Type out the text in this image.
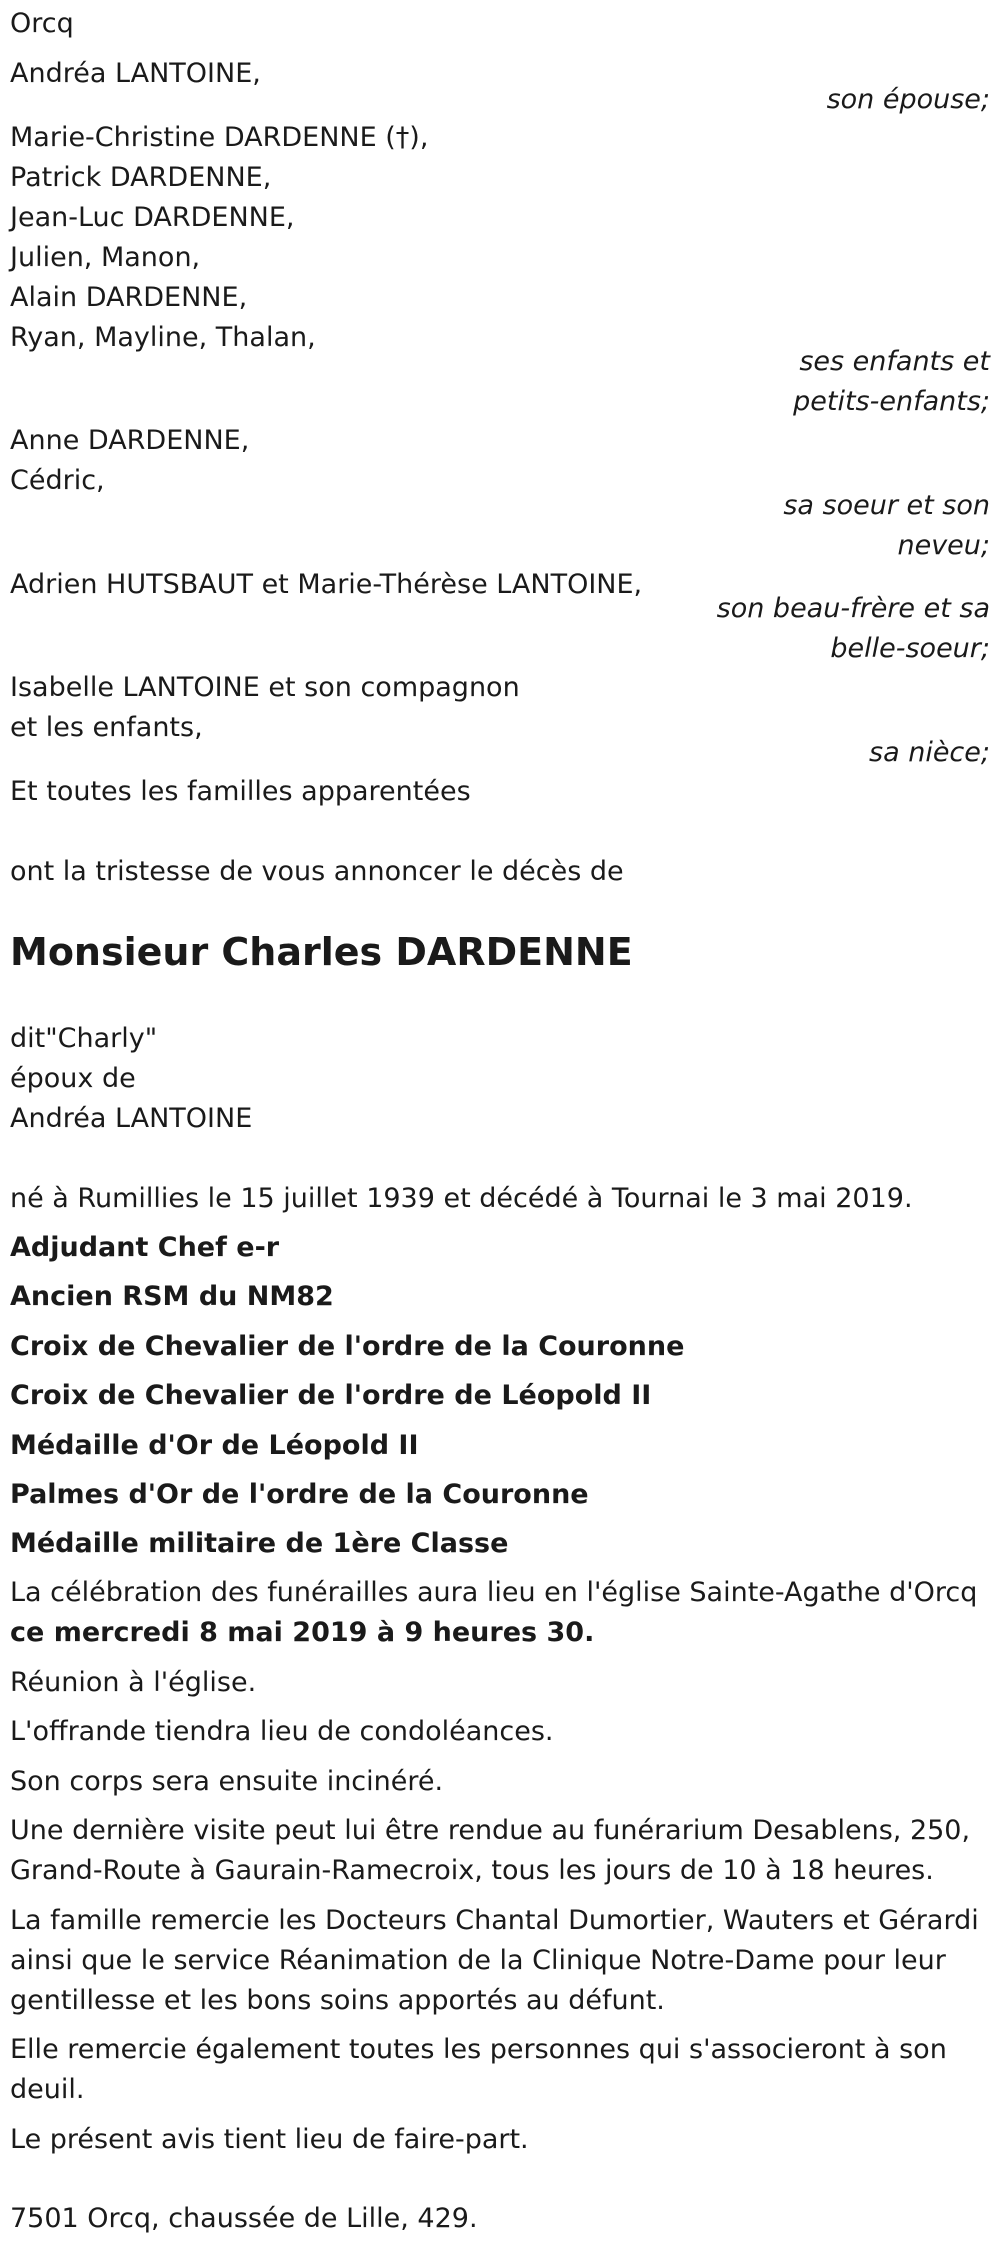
Orcq
Andréa LANTOINE,
son épouse;
Marie-Christine DARDENNE (†),
Patrick DARDENNE,
Jean-Luc DARDENNE,
Julien, Manon,
Alain DARDENNE,
Ryan, Mayline, Thalan,
ses enfants et
petits-enfants;
Anne DARDENNE,
Cédric,
sa soeur et son
neveu;
Adrien HUTSBAUT et Marie-Thérèse LANTOINE,
son beau-frère et sa
belle-soeur;
Isabelle LANTOINE et son compagnon
et les enfants,
sa nièce;
Et toutes les familles apparentées
ont la tristesse de vous annoncer le décès de
Monsieur Charles DARDENNE
dit"Charly"
époux de
Andréa LANTOINE
né à Rumillies le 15 juillet 1939 et décédé à Tournai le 3 mai 2019.
Adjudant Chef e-r
Ancien RSM du NM82
Croix de Chevalier de l'ordre de la Couronne
Croix de Chevalier de l'ordre de Léopold II
Médaille d'Or de Léopold II
Palmes d'Or de l'ordre de la Couronne
Médaille militaire de 1ère Classe
La célébration des funérailles aura lieu en l'église Sainte-Agathe d'Orcq
ce mercredi 8 mai 2019 à 9 heures 30.
Réunion à l'église.
L'offrande tiendra lieu de condoléances.
Son corps sera ensuite incinéré.
Une dernière visite peut lui être rendue au funérarium Desablens, 250,
Grand-Route à Gaurain-Ramecroix, tous les jours de 10 à 18 heures.
La famille remercie les Docteurs Chantal Dumortier, Wauters et Gérardi
ainsi que le service Réanimation de la Clinique Notre-Dame pour leur
gentillesse et les bons soins apportés au défunt.
Elle remercie également toutes les personnes qui s'associeront à son
deuil.
Le présent avis tient lieu de faire-part.
7501 Orcq, chaussée de Lille, 429.
